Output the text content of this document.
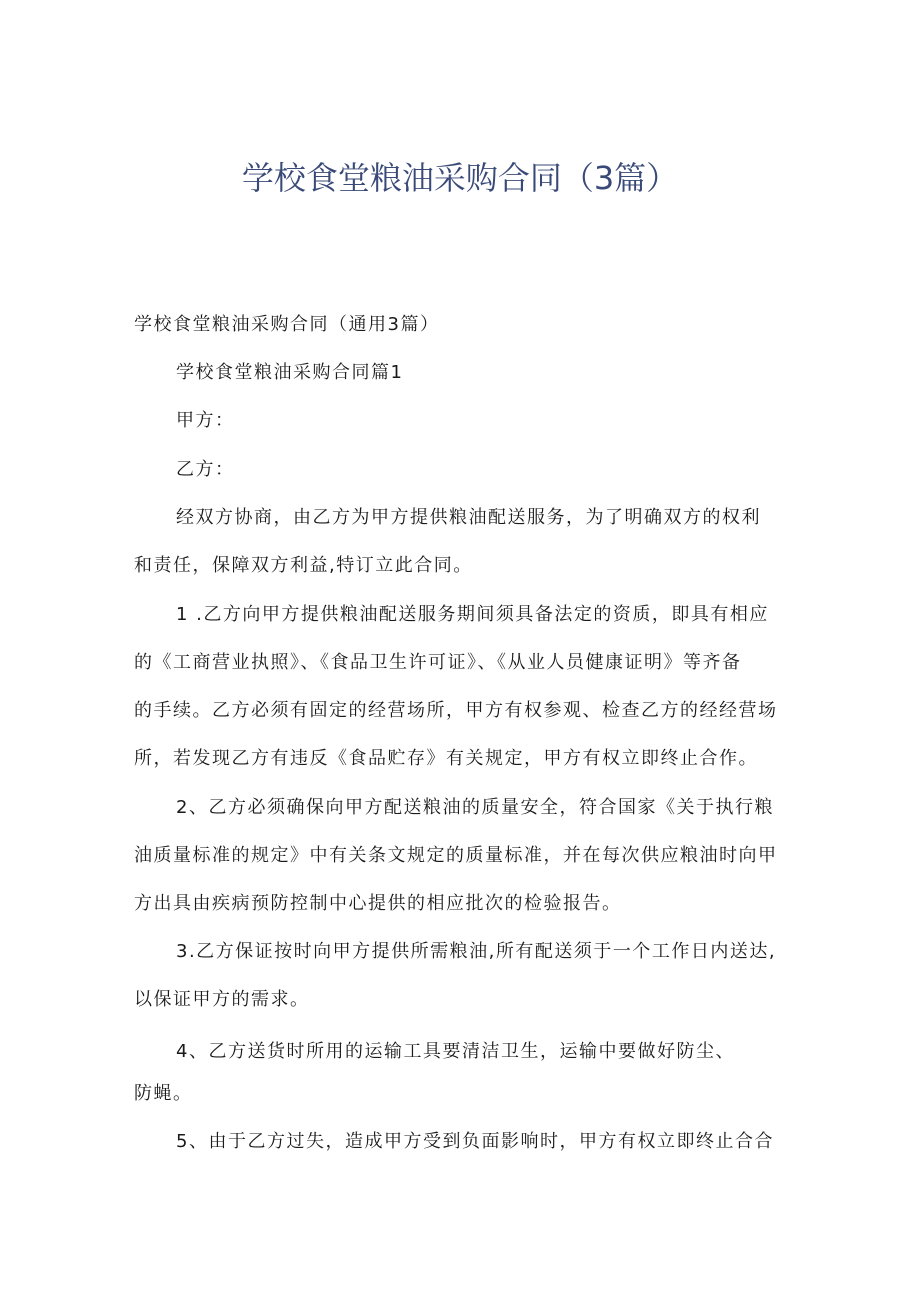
学校食堂粮油采购合同（3篇）

学校食堂粮油采购合同（通用3篇）

学校食堂粮油采购合同篇1

甲方：

乙方：

经双方协商，由乙方为甲方提供粮油配送服务，为了明确双方的权利
和责任，保障双方利益,特订立此合同。

1 .乙方向甲方提供粮油配送服务期间须具备法定的资质，即具有相应
的《工商营业执照》、《食品卫生许可证》、《从业人员健康证明》等齐备
的手续。乙方必须有固定的经营场所，甲方有权参观、检查乙方的经经营场
所，若发现乙方有违反《食品贮存》有关规定，甲方有权立即终止合作。

2、乙方必须确保向甲方配送粮油的质量安全，符合国家《关于执行粮
油质量标准的规定》中有关条文规定的质量标准，并在每次供应粮油时向甲
方出具由疾病预防控制中心提供的相应批次的检验报告。

3.乙方保证按时向甲方提供所需粮油,所有配送须于一个工作日内送达,
以保证甲方的需求。

4、乙方送货时所用的运输工具要清洁卫生，运输中要做好防尘、
防蝇。

5、由于乙方过失，造成甲方受到负面影响时，甲方有权立即终止合合
